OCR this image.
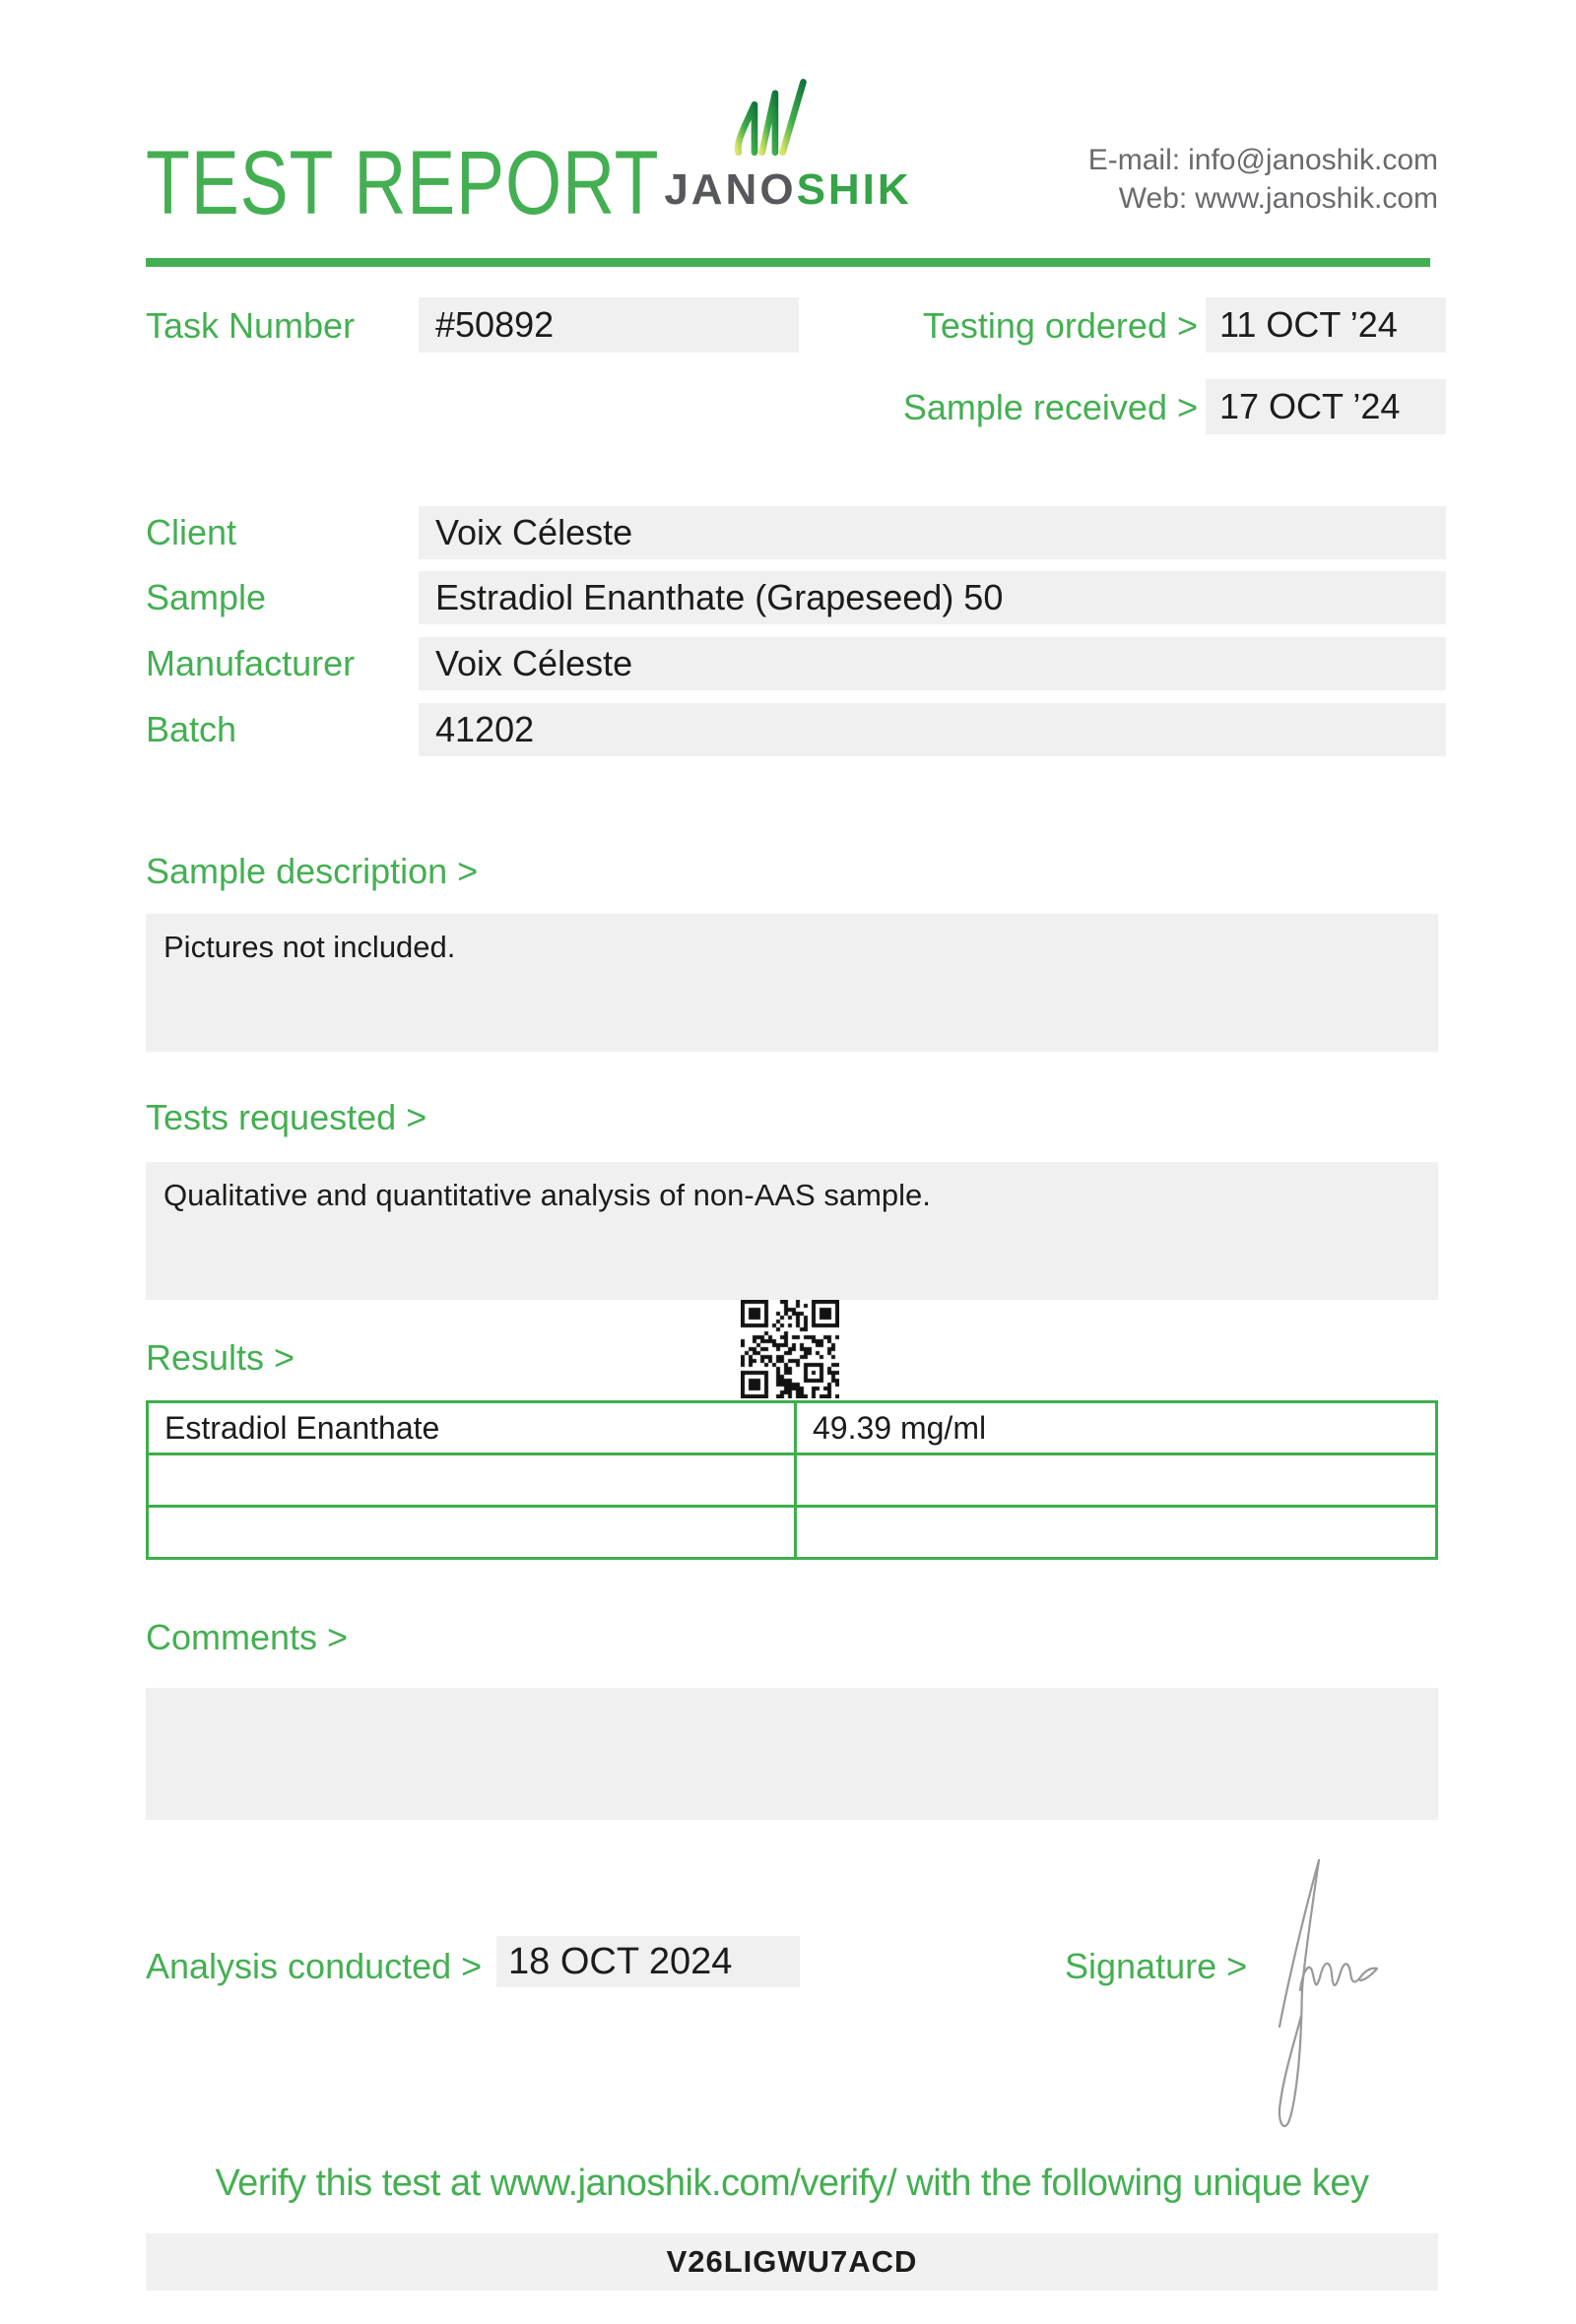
TEST REPORT JANOSHIK
E-mail: info@janoshik.com
Web: www.janoshik.com
Task Number	#50892	Testing ordered > 11 OCT ’24
Sample received > 17 OCT ’24
Client	Voix Céleste
Sample	Estradiol Enanthate (Grapeseed) 50
Manufacturer	Voix Céleste
Batch	41202
Sample description >
Pictures not included.
Tests requested >
Qualitative and quantitative analysis of non-AAS sample.
Results >
Estradiol Enanthate	49.39 mg/ml
Comments >
Analysis conducted > 18 OCT 2024	Signature >
Verify this test at www.janoshik.com/verify/ with the following unique key
V26LIGWU7ACD
